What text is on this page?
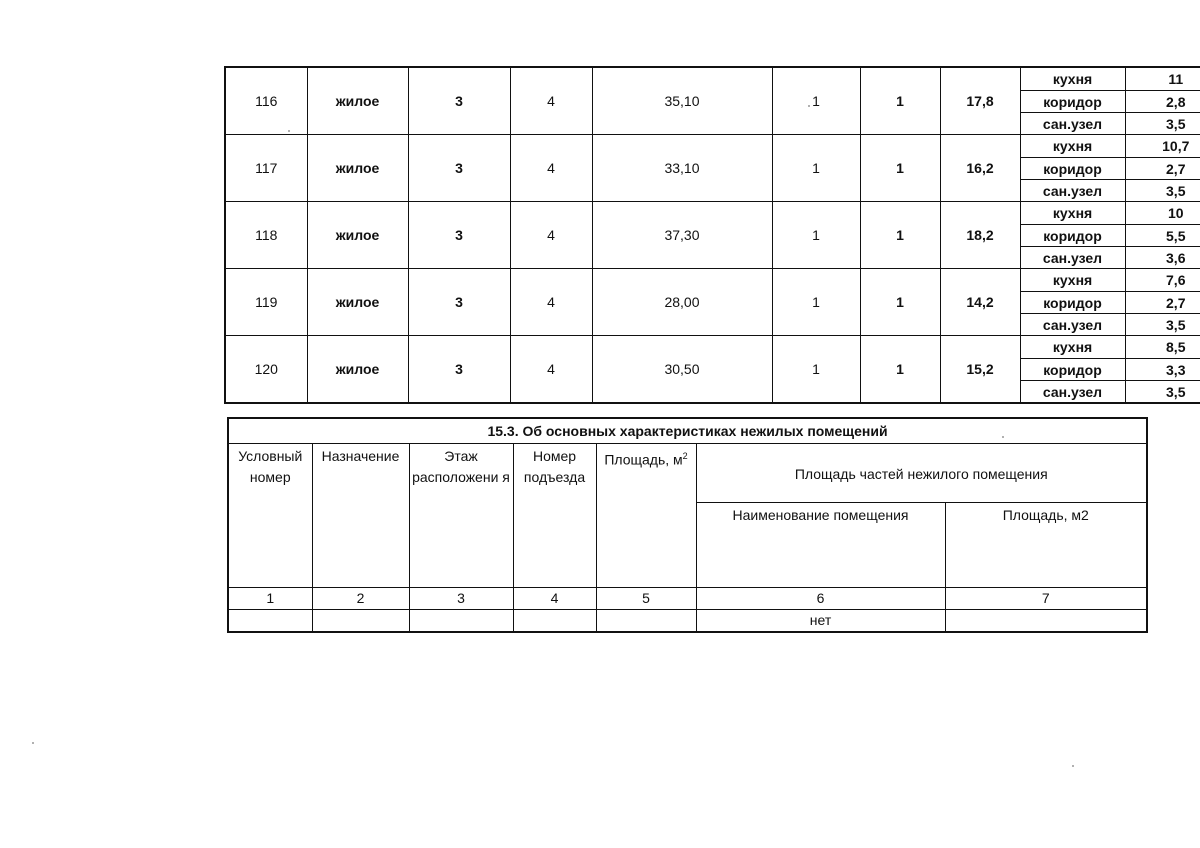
116	жилое	3	4	35,10	1	1	17,8	кухня	11
								коридор	2,8
								сан.узел	3,5
117	жилое	3	4	33,10	1	1	16,2	кухня	10,7
								коридор	2,7
								сан.узел	3,5
118	жилое	3	4	37,30	1	1	18,2	кухня	10
								коридор	5,5
								сан.узел	3,6
119	жилое	3	4	28,00	1	1	14,2	кухня	7,6
								коридор	2,7
								сан.узел	3,5
120	жилое	3	4	30,50	1	1	15,2	кухня	8,5
								коридор	3,3
								сан.узел	3,5
15.3. Об основных характеристиках нежилых помещений						
Условный номер	Назначение	Этаж расположени я	Номер подъезда	Площадь, $м^2$	Площадь частей нежилого помещения	
					Наименование помещения	Площадь, м2
1	2	3	4	5	6	7
					нет	
